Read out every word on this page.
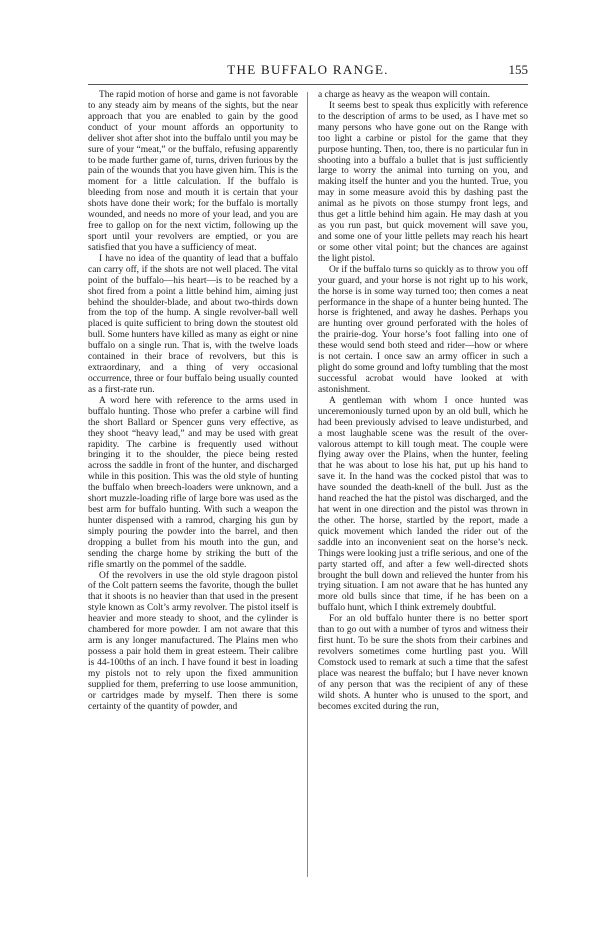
THE BUFFALO RANGE.	155

The rapid motion of horse and game is not favorable to any steady aim by means of the sights, but the near approach that you are enabled to gain by the good conduct of your mount affords an opportunity to deliver shot after shot into the buffalo until you may be sure of your “meat,” or the buffalo, refusing apparently to be made further game of, turns, driven furious by the pain of the wounds that you have given him. This is the moment for a little calculation. If the buffalo is bleeding from nose and mouth it is certain that your shots have done their work; for the buffalo is mortally wounded, and needs no more of your lead, and you are free to gallop on for the next victim, following up the sport until your revolvers are emptied, or you are satisfied that you have a sufficiency of meat.

I have no idea of the quantity of lead that a buffalo can carry off, if the shots are not well placed. The vital point of the buffalo—his heart—is to be reached by a shot fired from a point a little behind him, aiming just behind the shoulder-blade, and about two-thirds down from the top of the hump. A single revolver-ball well placed is quite sufficient to bring down the stoutest old bull. Some hunters have killed as many as eight or nine buffalo on a single run. That is, with the twelve loads contained in their brace of revolvers, but this is extraordinary, and a thing of very occasional occurrence, three or four buffalo being usually counted as a first-rate run.

A word here with reference to the arms used in buffalo hunting. Those who prefer a carbine will find the short Ballard or Spencer guns very effective, as they shoot “heavy lead,” and may be used with great rapidity. The carbine is frequently used without bringing it to the shoulder, the piece being rested across the saddle in front of the hunter, and discharged while in this position. This was the old style of hunting the buffalo when breech-loaders were unknown, and a short muzzle-loading rifle of large bore was used as the best arm for buffalo hunting. With such a weapon the hunter dispensed with a ramrod, charging his gun by simply pouring the powder into the barrel, and then dropping a bullet from his mouth into the gun, and sending the charge home by striking the butt of the rifle smartly on the pommel of the saddle.

Of the revolvers in use the old style dragoon pistol of the Colt pattern seems the favorite, though the bullet that it shoots is no heavier than that used in the present style known as Colt’s army revolver. The pistol itself is heavier and more steady to shoot, and the cylinder is chambered for more powder. I am not aware that this arm is any longer manufactured. The Plains men who possess a pair hold them in great esteem. Their calibre is 44-100ths of an inch. I have found it best in loading my pistols not to rely upon the fixed ammunition supplied for them, preferring to use loose ammunition, or cartridges made by myself. Then there is some certainty of the quantity of powder, and

a charge as heavy as the weapon will contain.

It seems best to speak thus explicitly with reference to the description of arms to be used, as I have met so many persons who have gone out on the Range with too light a carbine or pistol for the game that they purpose hunting. Then, too, there is no particular fun in shooting into a buffalo a bullet that is just sufficiently large to worry the animal into turning on you, and making itself the hunter and you the hunted. True, you may in some measure avoid this by dashing past the animal as he pivots on those stumpy front legs, and thus get a little behind him again. He may dash at you as you run past, but quick movement will save you, and some one of your little pellets may reach his heart or some other vital point; but the chances are against the light pistol.

Or if the buffalo turns so quickly as to throw you off your guard, and your horse is not right up to his work, the horse is in some way turned too; then comes a neat performance in the shape of a hunter being hunted. The horse is frightened, and away he dashes. Perhaps you are hunting over ground perforated with the holes of the prairie-dog. Your horse’s foot falling into one of these would send both steed and rider—how or where is not certain. I once saw an army officer in such a plight do some ground and lofty tumbling that the most successful acrobat would have looked at with astonishment.

A gentleman with whom I once hunted was unceremoniously turned upon by an old bull, which he had been previously advised to leave undisturbed, and a most laughable scene was the result of the over-valorous attempt to kill tough meat. The couple were flying away over the Plains, when the hunter, feeling that he was about to lose his hat, put up his hand to save it. In the hand was the cocked pistol that was to have sounded the death-knell of the bull. Just as the hand reached the hat the pistol was discharged, and the hat went in one direction and the pistol was thrown in the other. The horse, startled by the report, made a quick movement which landed the rider out of the saddle into an inconvenient seat on the horse’s neck. Things were looking just a trifle serious, and one of the party started off, and after a few well-directed shots brought the bull down and relieved the hunter from his trying situation. I am not aware that he has hunted any more old bulls since that time, if he has been on a buffalo hunt, which I think extremely doubtful.

For an old buffalo hunter there is no better sport than to go out with a number of tyros and witness their first hunt. To be sure the shots from their carbines and revolvers sometimes come hurtling past you. Will Comstock used to remark at such a time that the safest place was nearest the buffalo; but I have never known of any person that was the recipient of any of these wild shots. A hunter who is unused to the sport, and becomes excited during the run,
